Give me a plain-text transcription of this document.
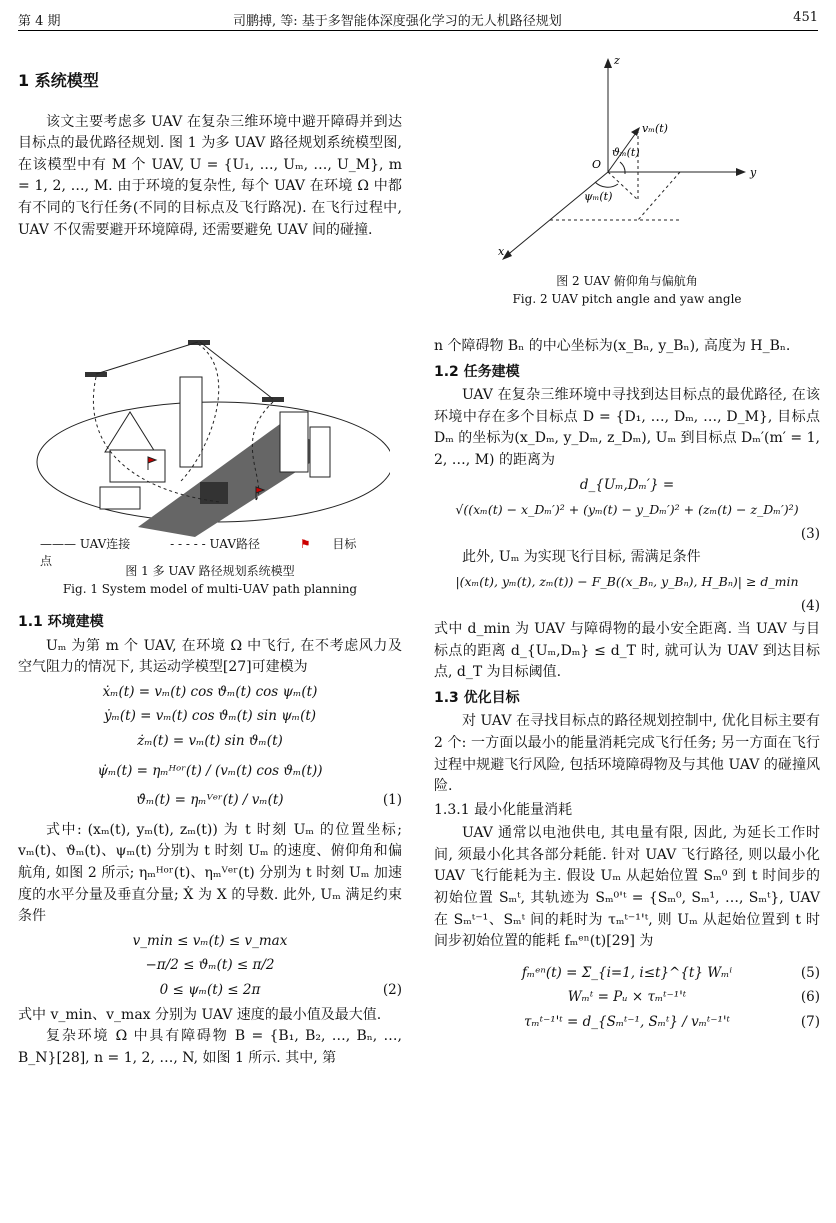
第 4 期	司鹏搏, 等: 基于多智能体深度强化学习的无人机路径规划	451
1 系统模型

该文主要考虑多 UAV 在复杂三维环境中避开障碍并到达目标点的最优路径规划. 图 1 为多 UAV 路径规划系统模型图, 在该模型中有 M 个 UAV, U = {U₁, …, Uₘ, …, U_M}, m = 1, 2, …, M. 由于环境的复杂性, 每个 UAV 在环境 Ω 中都有不同的飞行任务(不同的目标点及飞行路况). 在飞行过程中, UAV 不仅需要避开环境障碍, 还需要避免 UAV 间的碰撞.

——— UAV连接	- - - - - UAV路径	⚑ 目标点
图 1 多 UAV 路径规划系统模型
Fig. 1 System model of multi-UAV path planning
1.1 环境建模

Uₘ 为第 m 个 UAV, 在环境 Ω 中飞行, 在不考虑风力及空气阻力的情况下, 其运动学模型[27]可建模为

ẋₘ(t) = vₘ(t) cos ϑₘ(t) cos ψₘ(t)
ẏₘ(t) = vₘ(t) cos ϑₘ(t) sin ψₘ(t)
żₘ(t) = vₘ(t) sin ϑₘ(t)
ψ̇ₘ(t) = ηₘᴴᵒʳ(t) / (vₘ(t) cos ϑₘ(t))
ϑ̇ₘ(t) = ηₘⱽᵉʳ(t) / vₘ(t)	(1)

式中: (xₘ(t), yₘ(t), zₘ(t)) 为 t 时刻 Uₘ 的位置坐标; vₘ(t)、ϑₘ(t)、ψₘ(t) 分别为 t 时刻 Uₘ 的速度、俯仰角和偏航角, 如图 2 所示; ηₘᴴᵒʳ(t)、ηₘⱽᵉʳ(t) 分别为 t 时刻 Uₘ 加速度的水平分量及垂直分量; Ẋ 为 X 的导数. 此外, Uₘ 满足约束条件

v_min ≤ vₘ(t) ≤ v_max
−π/2 ≤ ϑₘ(t) ≤ π/2
0 ≤ ψₘ(t) ≤ 2π	(2)

式中 v_min、v_max 分别为 UAV 速度的最小值及最大值.

复杂环境 Ω 中具有障碍物 B = {B₁, B₂, …, Bₙ, …, B_N}[28], n = 1, 2, …, N, 如图 1 所示. 其中, 第

z
y
x
O
vₘ(t)
ϑₘ(t)
ψₘ(t)
图 2 UAV 俯仰角与偏航角
Fig. 2 UAV pitch angle and yaw angle

n 个障碍物 Bₙ 的中心坐标为(x_Bₙ, y_Bₙ), 高度为 H_Bₙ.

1.2 任务建模

UAV 在复杂三维环境中寻找到达目标点的最优路径, 在该环境中存在多个目标点 D = {D₁, …, Dₘ, …, D_M}, 目标点 Dₘ 的坐标为(x_Dₘ, y_Dₘ, z_Dₘ), Uₘ 到目标点 Dₘ′(m′ = 1, 2, …, M) 的距离为

d_{Uₘ,Dₘ′} =
√((xₘ(t) − x_Dₘ′)² + (yₘ(t) − y_Dₘ′)² + (zₘ(t) − z_Dₘ′)²)
(3)

此外, Uₘ 为实现飞行目标, 需满足条件

|(xₘ(t), yₘ(t), zₘ(t)) − F_B((x_Bₙ, y_Bₙ), H_Bₙ)| ≥ d_min
(4)

式中 d_min 为 UAV 与障碍物的最小安全距离. 当 UAV 与目标点的距离 d_{Uₘ,Dₘ} ≤ d_T 时, 就可认为 UAV 到达目标点, d_T 为目标阈值.

1.3 优化目标

对 UAV 在寻找目标点的路径规划控制中, 优化目标主要有 2 个: 一方面以最小的能量消耗完成飞行任务; 另一方面在飞行过程中规避飞行风险, 包括环境障碍物及与其他 UAV 的碰撞风险.

1.3.1 最小化能量消耗

UAV 通常以电池供电, 其电量有限, 因此, 为延长工作时间, 须最小化其各部分耗能. 针对 UAV 飞行路径, 则以最小化 UAV 飞行能耗为主. 假设 Uₘ 从起始位置 Sₘ⁰ 到 t 时间步的初始位置 Sₘᵗ, 其轨迹为 Sₘ⁰'ᵗ = {Sₘ⁰, Sₘ¹, …, Sₘᵗ}, UAV 在 Sₘᵗ⁻¹、Sₘᵗ 间的耗时为 τₘᵗ⁻¹'ᵗ, 则 Uₘ 从起始位置到 t 时间步初始位置的能耗 fₘᵉⁿ(t)[29] 为

fₘᵉⁿ(t) = Σ_{i=1, i≤t}^{t} Wₘⁱ	(5)
Wₘᵗ = Pᵤ × τₘᵗ⁻¹'ᵗ	(6)
τₘᵗ⁻¹'ᵗ = d_{Sₘᵗ⁻¹, Sₘᵗ} / vₘᵗ⁻¹'ᵗ	(7)
